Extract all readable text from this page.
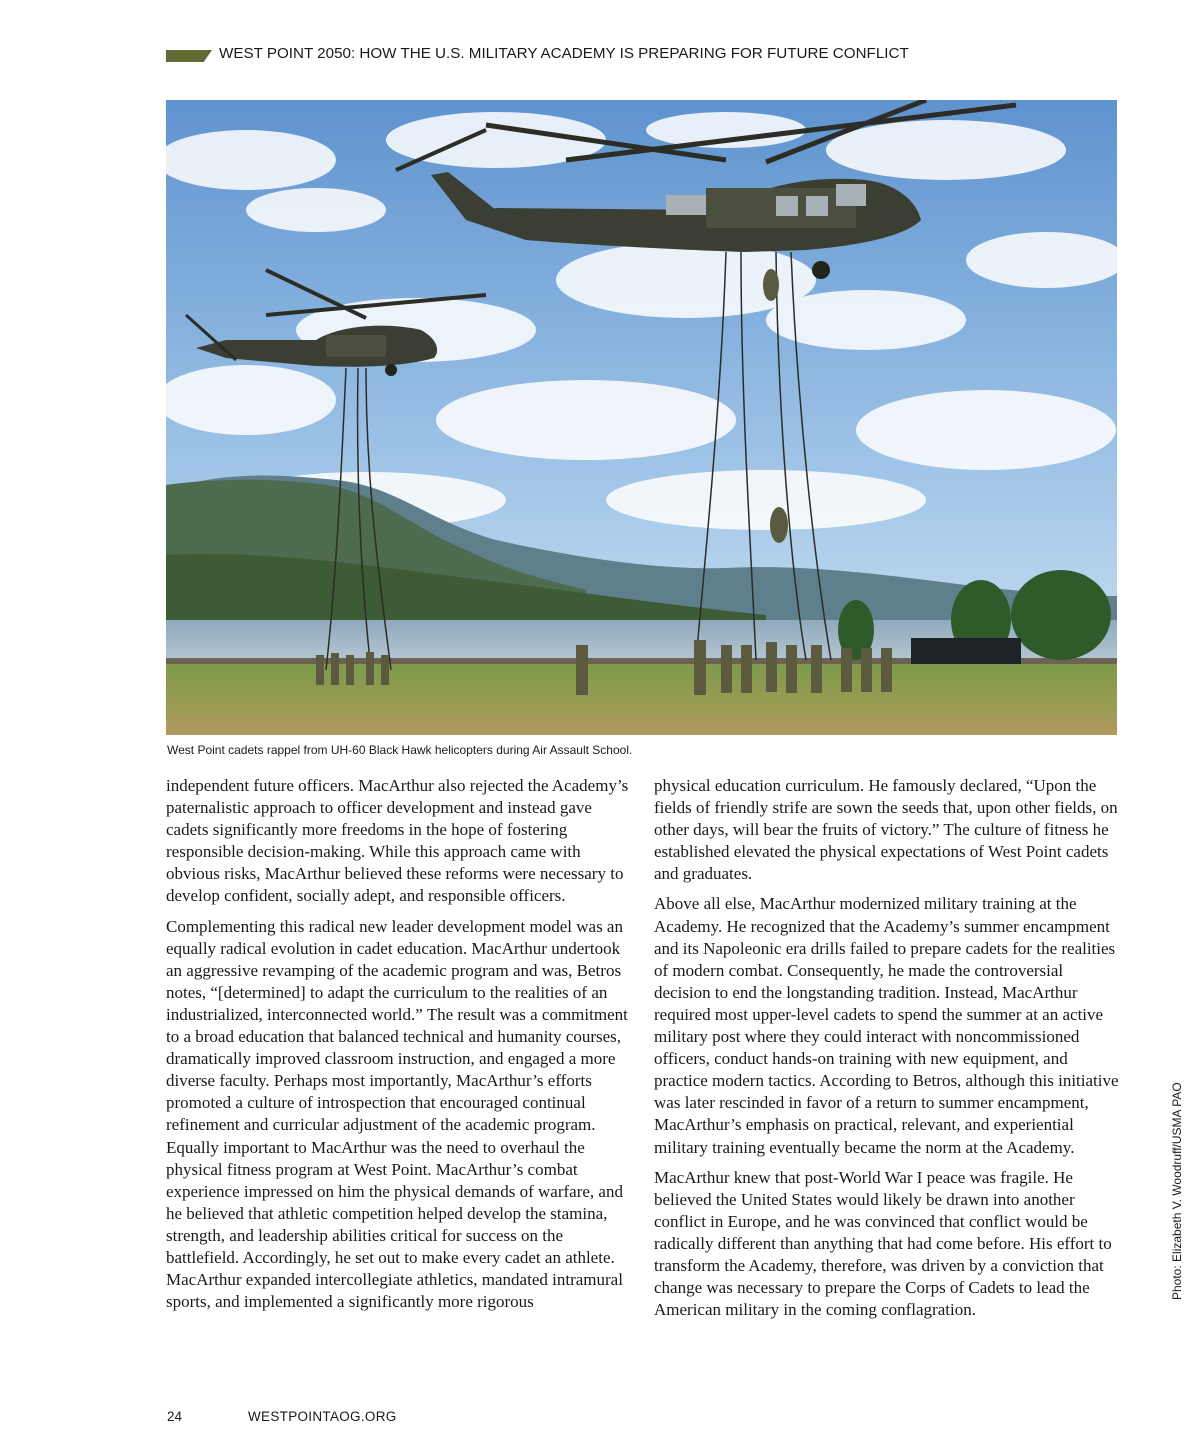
WEST POINT 2050: HOW THE U.S. MILITARY ACADEMY IS PREPARING FOR FUTURE CONFLICT
West Point cadets rappel from UH-60 Black Hawk helicopters during Air Assault School.

independent future officers. MacArthur also rejected the Academy’s paternalistic approach to officer development and instead gave cadets significantly more freedoms in the hope of fostering responsible decision-making. While this approach came with obvious risks, MacArthur believed these reforms were necessary to develop confident, socially adept, and responsible officers.

Complementing this radical new leader development model was an equally radical evolution in cadet education. MacArthur undertook an aggressive revamping of the academic program and was, Betros notes, “[determined] to adapt the curriculum to the realities of an industrialized, interconnected world.” The result was a commitment to a broad education that balanced technical and humanity courses, dramatically improved classroom instruction, and engaged a more diverse faculty. Perhaps most importantly, MacArthur’s efforts promoted a culture of introspection that encouraged continual refinement and curricular adjustment of the academic program. Equally important to MacArthur was the need to overhaul the physical fitness program at West Point. MacArthur’s combat experience impressed on him the physical demands of warfare, and he believed that athletic competition helped develop the stamina, strength, and leadership abilities critical for success on the battlefield. Accordingly, he set out to make every cadet an athlete. MacArthur expanded intercollegiate athletics, mandated intramural sports, and implemented a significantly more rigorous

physical education curriculum. He famously declared, “Upon the fields of friendly strife are sown the seeds that, upon other fields, on other days, will bear the fruits of victory.” The culture of fitness he established elevated the physical expectations of West Point cadets and graduates.

Above all else, MacArthur modernized military training at the Academy. He recognized that the Academy’s summer encampment and its Napoleonic era drills failed to prepare cadets for the realities of modern combat. Consequently, he made the controversial decision to end the longstanding tradition. Instead, MacArthur required most upper-level cadets to spend the summer at an active military post where they could interact with noncommissioned officers, conduct hands-on training with new equipment, and practice modern tactics. According to Betros, although this initiative was later rescinded in favor of a return to summer encampment, MacArthur’s emphasis on practical, relevant, and experiential military training eventually became the norm at the Academy.

MacArthur knew that post-World War I peace was fragile. He believed the United States would likely be drawn into another conflict in Europe, and he was convinced that conflict would be radically different than anything that had come before. His effort to transform the Academy, therefore, was driven by a conviction that change was necessary to prepare the Corps of Cadets to lead the American military in the coming conflagration.

Photo: Elizabeth V. Woodruff/USMA PAO
24	WESTPOINTAOG.ORG
